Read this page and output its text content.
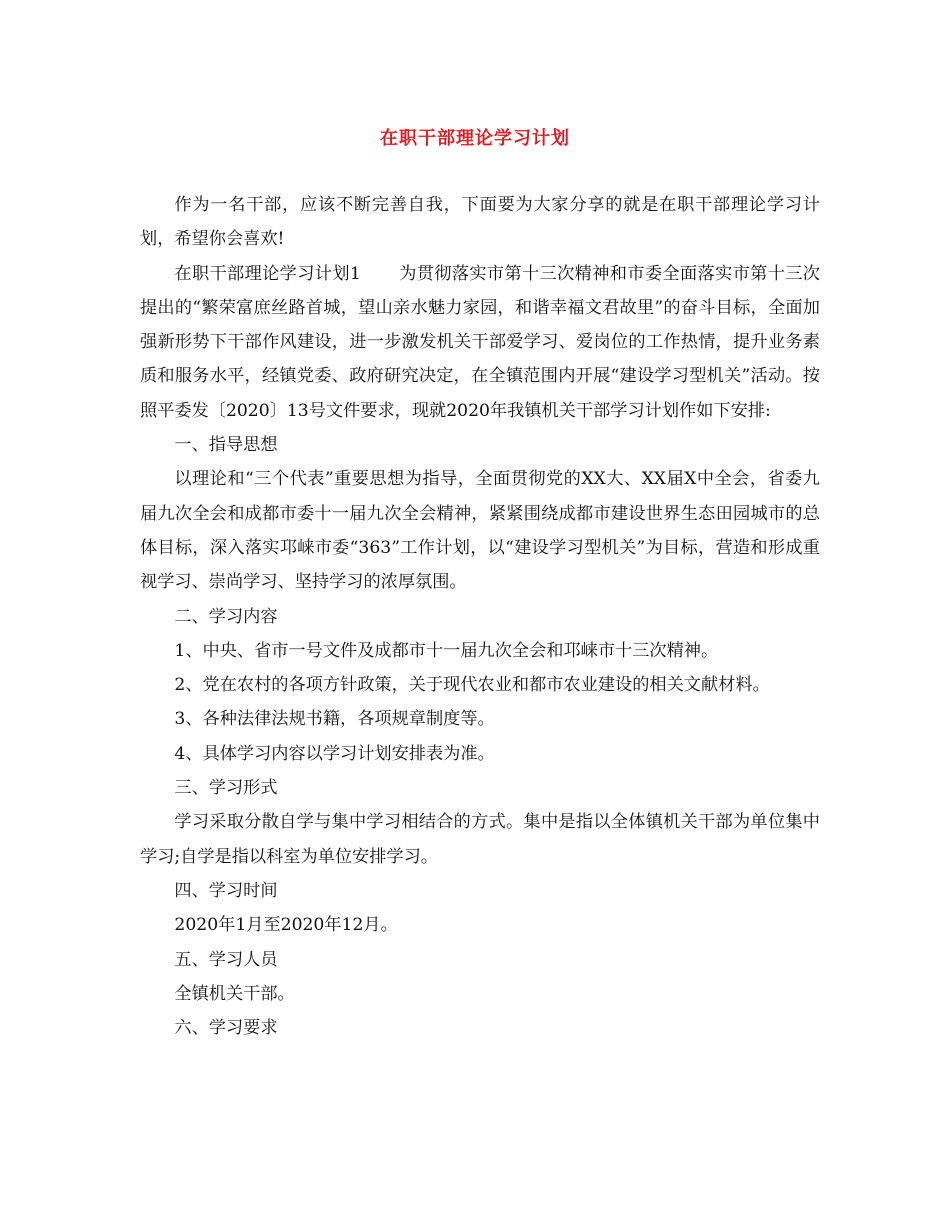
在职干部理论学习计划

作为一名干部，应该不断完善自我，下面要为大家分享的就是在职干部理论学习计划，希望你会喜欢!

在职干部理论学习计划1 为贯彻落实市第十三次精神和市委全面落实市第十三次提出的“繁荣富庶丝路首城，望山亲水魅力家园，和谐幸福文君故里”的奋斗目标，全面加强新形势下干部作风建设，进一步激发机关干部爱学习、爱岗位的工作热情，提升业务素质和服务水平，经镇党委、政府研究决定，在全镇范围内开展“建设学习型机关”活动。按照平委发〔2020〕13号文件要求，现就2020年我镇机关干部学习计划作如下安排:

一、指导思想

以理论和“三个代表”重要思想为指导，全面贯彻党的XX大、XX届X中全会，省委九届九次全会和成都市委十一届九次全会精神，紧紧围绕成都市建设世界生态田园城市的总体目标，深入落实邛崃市委“363”工作计划，以“建设学习型机关”为目标，营造和形成重视学习、崇尚学习、坚持学习的浓厚氛围。

二、学习内容

1、中央、省市一号文件及成都市十一届九次全会和邛崃市十三次精神。

2、党在农村的各项方针政策，关于现代农业和都市农业建设的相关文献材料。

3、各种法律法规书籍，各项规章制度等。

4、具体学习内容以学习计划安排表为准。

三、学习形式

学习采取分散自学与集中学习相结合的方式。集中是指以全体镇机关干部为单位集中学习;自学是指以科室为单位安排学习。

四、学习时间

2020年1月至2020年12月。

五、学习人员

全镇机关干部。

六、学习要求
